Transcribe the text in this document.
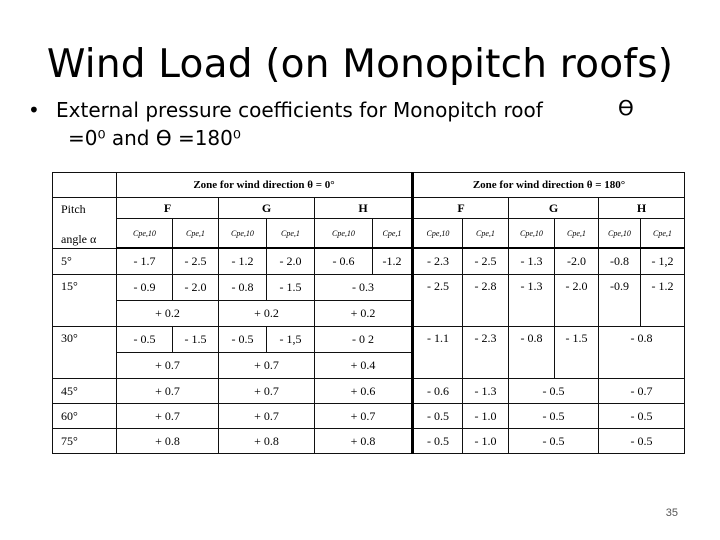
Wind Load (on Monopitch roofs)
• External pressure coefficients for Monopitch roof
=0⁰ and ϴ =180⁰
ϴ
	Zone for wind direction θ = 0°						Zone for wind direction θ = 180°					
Pitch

angle α	F		G		H		F		G		H	
	Cpe,10	Cpe,1	Cpe,10	Cpe,1	Cpe,10	Cpe,1	Cpe,10	Cpe,1	Cpe,10	Cpe,1	Cpe,10	Cpe,1
5°	- 1.7	- 2.5	- 1.2	- 2.0	- 0.6	-1.2	- 2.3	- 2.5	- 1.3	-2.0	-0.8	- 1,2
15°	- 0.9	- 2.0	- 0.8	- 1.5	- 0.3		- 2.5	- 2.8	- 1.3	- 2.0	-0.9	- 1.2
	+ 0.2		+ 0.2		+ 0.2							
30°	- 0.5	- 1.5	- 0.5	- 1,5	- 0 2		- 1.1	- 2.3	- 0.8	- 1.5	- 0.8	
	+ 0.7		+ 0.7		+ 0.4							
45°	+ 0.7		+ 0.7		+ 0.6		- 0.6	- 1.3	- 0.5		- 0.7	
60°	+ 0.7		+ 0.7		+ 0.7		- 0.5	- 1.0	- 0.5		- 0.5	
75°	+ 0.8		+ 0.8		+ 0.8		- 0.5	- 1.0	- 0.5		- 0.5	
35
